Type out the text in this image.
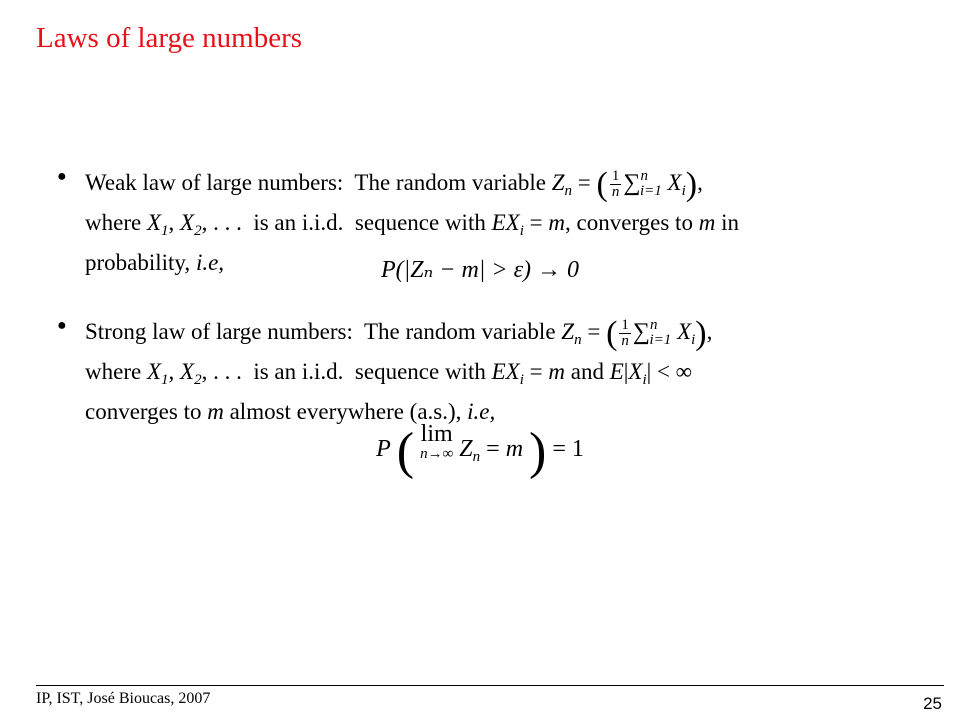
Laws of large numbers
● Weak law of large numbers: The random variable $Z_n$ = ( $\frac{1}{n} \sum^n_{i=1}$ $X_i$),
where $X_1$, $X_2$, . . .  is an i.i.d. sequence with $EX_i = m$, converges to m in
probability, i.e,	P(|Zₙ − m| > ε) → 0
● Strong law of large numbers: The random variable $Z_n$ = ( $\frac{1}{n} \sum^n_{i=1}$ $X_i$),
where $X_1$, $X_2$, . . .  is an i.i.d. sequence with $EX_i = m$ and $E|X_i|$ < ∞
converges to m almost everywhere (a.s.), i.e,
P ( lim
n→∞ $Z_n = m$ ) = 1
IP, IST, José Bioucas, 2007	25
